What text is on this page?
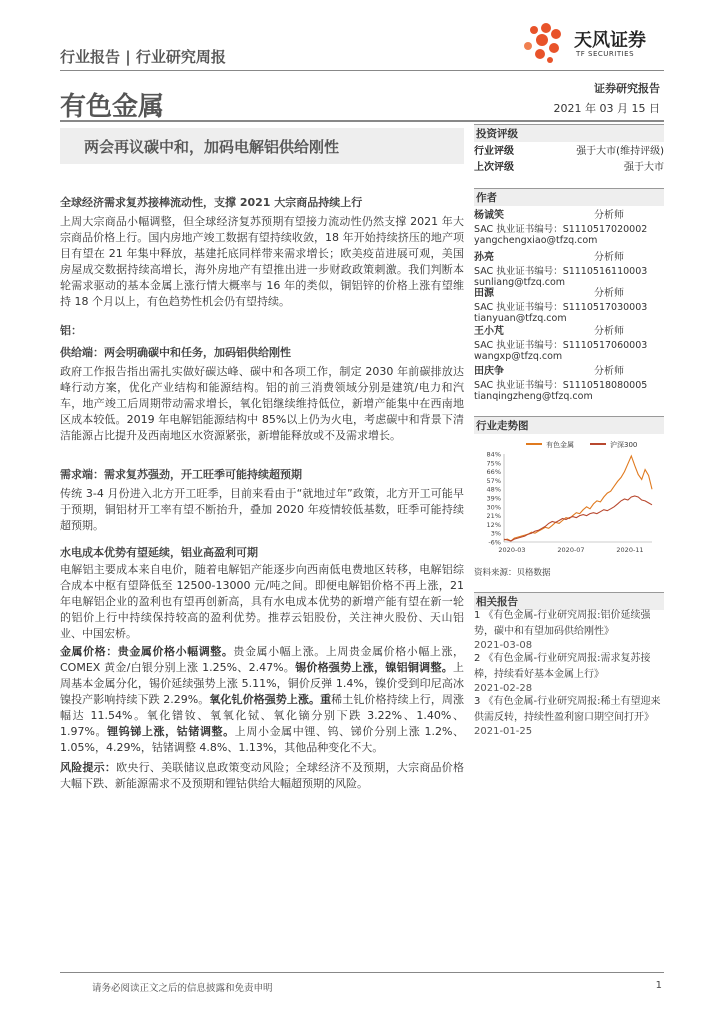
行业报告 | 行业研究周报
天风证券
TF SECURITIES
有色金属
证券研究报告
2021 年 03 月 15 日
两会再议碳中和，加码电解铝供给刚性
投资评级
行业评级	强于大市(维持评级)
上次评级	强于大市
作者
杨诚笑	分析师
SAC 执业证书编号：S1110517020002
yangchengxiao@tfzq.com
孙亮	分析师
SAC 执业证书编号：S1110516110003
sunliang@tfzq.com
田源	分析师
SAC 执业证书编号：S1110517030003
tianyuan@tfzq.com
王小芃	分析师
SAC 执业证书编号：S1110517060003
wangxp@tfzq.com
田庆争	分析师
SAC 执业证书编号：S1110518080005
tianqingzheng@tfzq.com
行业走势图
-6%
3%
12%
21%
30%
39%
48%
57%
66%
75%
84%
2020-03	2020-07	2020-11
有色金属	沪深300
资料来源：贝格数据
相关报告
1 《有色金属-行业研究周报:铝价延续强势，碳中和有望加码供给刚性》
2021-03-08
2 《有色金属-行业研究周报:需求复苏接棒，持续看好基本金属上行》
2021-02-28
3 《有色金属-行业研究周报:稀土有望迎来供需反转，持续性盈利窗口期空间打开》
2021-01-25
全球经济需求复苏接棒流动性，支撑 2021 大宗商品持续上行
上周大宗商品小幅调整，但全球经济复苏预期有望接力流动性仍然支撑 2021 年大宗商品价格上行。国内房地产竣工数据有望持续收敛，18 年开始持续挤压的地产项目有望在 21 年集中释放，基建托底同样带来需求增长；欧美疫苗进展可观，美国房屋成交数据持续高增长，海外房地产有望推出进一步财政政策刺激。我们判断本轮需求驱动的基本金属上涨行情大概率与 16 年的类似，铜铝锌的价格上涨有望维持 18 个月以上，有色趋势性机会仍有望持续。
铝：
供给端：两会明确碳中和任务，加码铝供给刚性
政府工作报告指出需扎实做好碳达峰、碳中和各项工作，制定 2030 年前碳排放达峰行动方案，优化产业结构和能源结构。铝的前三消费领域分别是建筑/电力和汽车，地产竣工后周期带动需求增长，氧化铝继续维持低位，新增产能集中在西南地区成本较低。2019 年电解铝能源结构中 85%以上仍为火电，考虑碳中和背景下清洁能源占比提升及西南地区水资源紧张，新增能释放或不及需求增长。
需求端：需求复苏强劲，开工旺季可能持续超预期
传统 3-4 月份进入北方开工旺季，目前来看由于“就地过年”政策，北方开工可能早于预期，铜铝材开工率有望不断抬升，叠加 2020 年疫情较低基数，旺季可能持续超预期。
水电成本优势有望延续，铝业高盈利可期
电解铝主要成本来自电价，随着电解铝产能逐步向西南低电费地区转移，电解铝综合成本中枢有望降低至 12500-13000 元/吨之间。即便电解铝价格不再上涨，21 年电解铝企业的盈利也有望再创新高，具有水电成本优势的新增产能有望在新一轮的铝价上行中持续保持较高的盈利优势。推荐云铝股份，关注神火股份、天山铝业、中国宏桥。
金属价格：贵金属价格小幅调整。贵金属小幅上涨。上周贵金属价格小幅上涨，COMEX 黄金/白银分别上涨 1.25%、2.47%。锡价格强势上涨，镍铝铜调整。上周基本金属分化，锡价延续强势上涨 5.11%，铜价反弹 1.4%，镍价受到印尼高冰镍投产影响持续下跌 2.29%。氧化钆价格强势上涨。重稀土钆价格持续上行，周涨幅达 11.54%。氧化镨钕、氧氧化铽、氧化镝分别下跌 3.22%、1.40%、1.97%。锂钨锑上涨，钴锗调整。上周小金属中锂、钨、锑价分别上涨 1.2%、1.05%，4.29%，钴锗调整 4.8%、1.13%，其他品种变化不大。
风险提示：欧央行、美联储议息政策变动风险；全球经济不及预期，大宗商品价格大幅下跌、新能源需求不及预期和锂钴供给大幅超预期的风险。
请务必阅读正文之后的信息披露和免责申明	1
